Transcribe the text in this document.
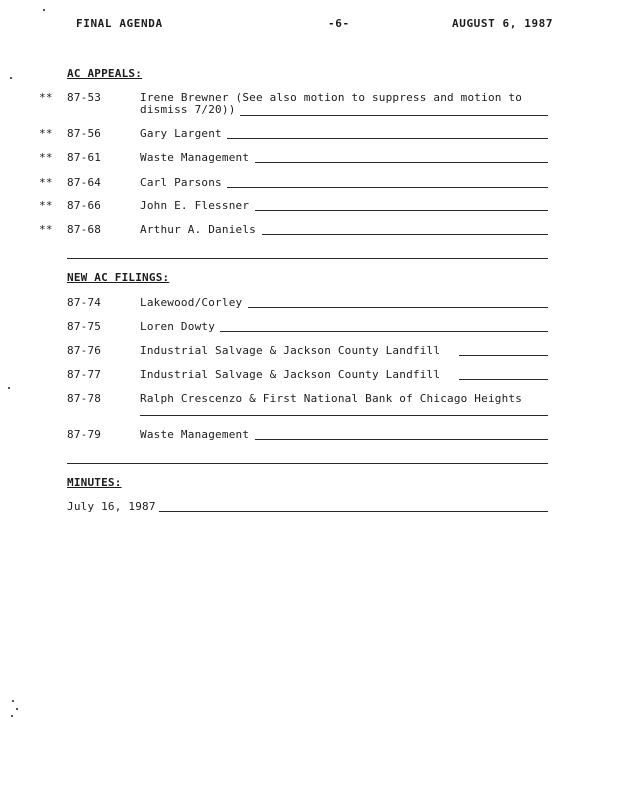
FINAL AGENDA	-6-	AUGUST 6, 1987
AC APPEALS:
** 87-53	Irene Brewner (See also motion to suppress and motion to
dismiss 7/20))
** 87-56	Gary Largent
** 87-61	Waste Management
** 87-64	Carl Parsons
** 87-66	John E. Flessner
** 87-68	Arthur A. Daniels
NEW AC FILINGS:
87-74	Lakewood/Corley
87-75	Loren Dowty
87-76	Industrial Salvage & Jackson County Landfill
87-77	Industrial Salvage & Jackson County Landfill
87-78	Ralph Crescenzo & First National Bank of Chicago Heights
87-79	Waste Management
MINUTES:
July 16, 1987
